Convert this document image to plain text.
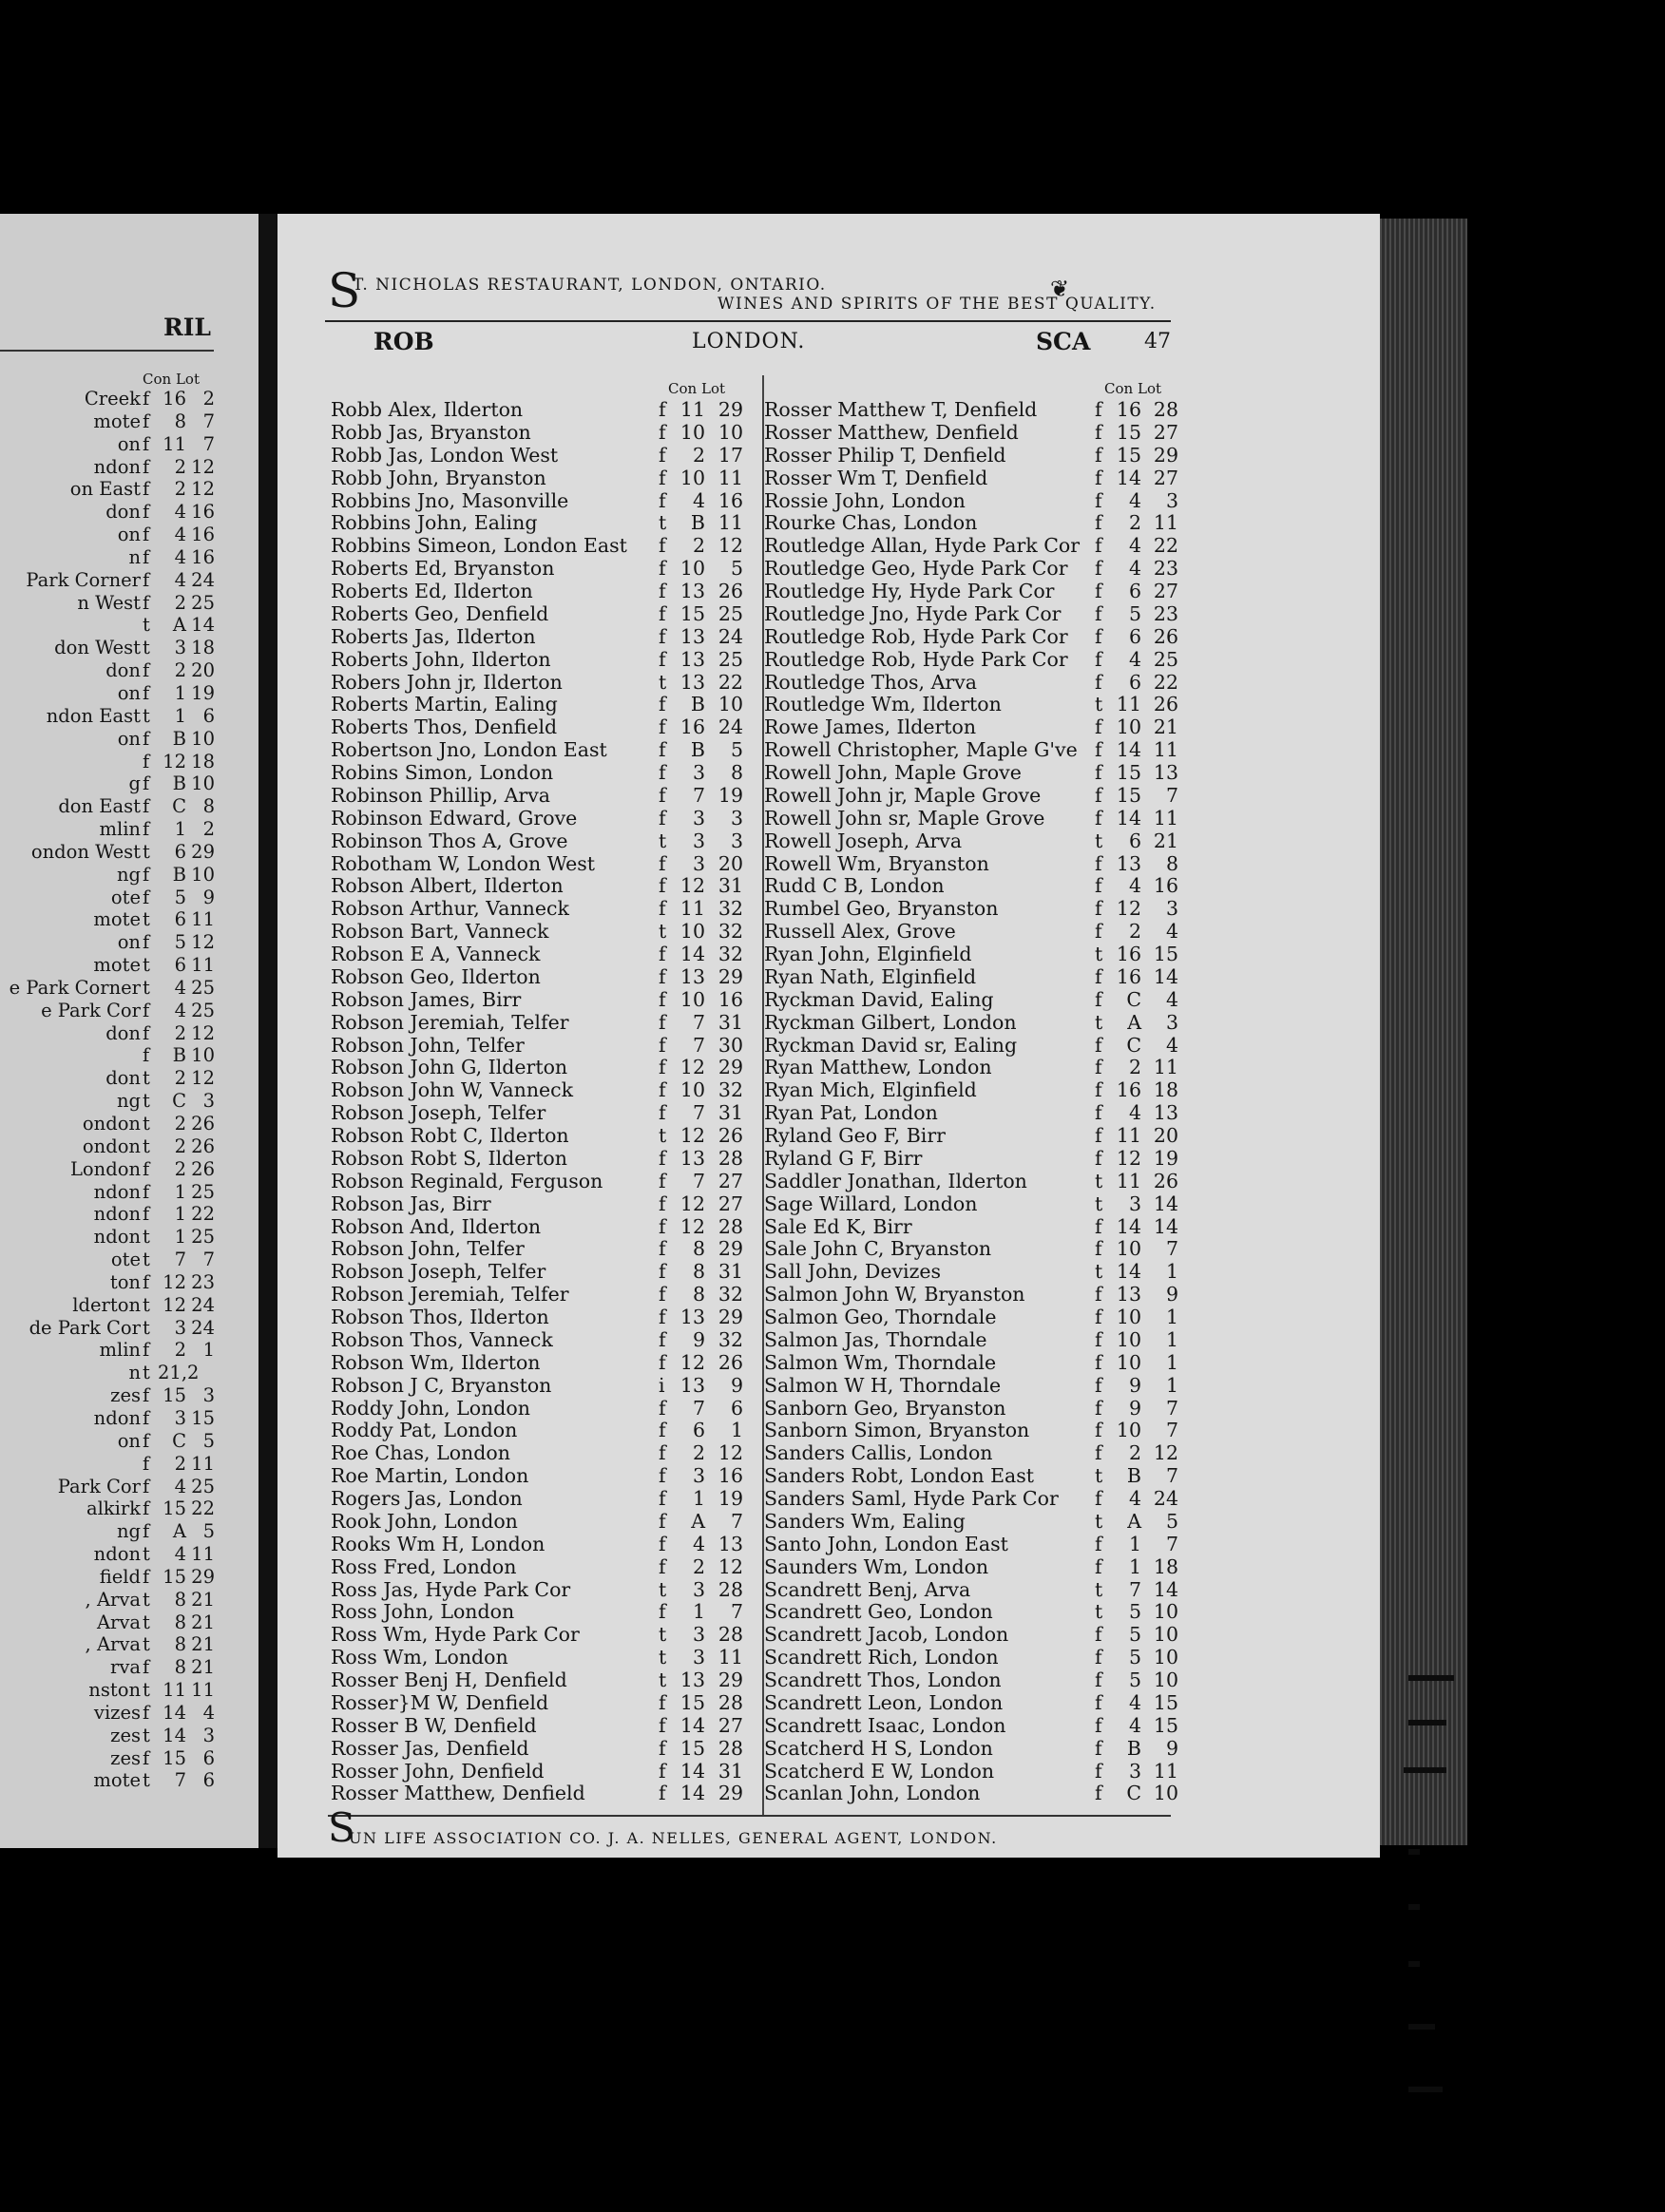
RIL
Con Lot
Creek f 16 2
mote f	8 7
on f 11 7
ndon f	2 12
on East f	2 12
don f	4 16
on f	4 16
n f	4 16
Park Corner f	4 24
n West f	2 25
t	A 14
don West t	3 18
don f	2 20
on f	1 19
ndon East t	1 6
on f	B 10
f 12 18
g f	B 10
don East f	C 8
mlin f	1 2
ondon West t	6 29
ng f	B 10
ote f	5 9
mote t	6 11
on f	5 12
mote t	6 11
e Park Corner t	4 25
e Park Cor f	4 25
don f	2 12
f	B 10
don t	2 12
ng t	C 3
ondon t	2 26
ondon t	2 26
London f	2 26
ndon f	1 25
ndon f	1 22
ndon t	1 25
ote t	7 7
ton f 12 23
lderton t 12 24
de Park Cor t	3 24
mlin f	2 1
n t 21,2
zes f 15 3
ndon f	3 15
on f	C 5
f	2 11
Park Cor f	4 25
alkirk f 15 22
ng f	A 5
ndon t	4 11
field f 15 29
, Arva t	8 21
Arva t	8 21
, Arva t	8 21
rva f	8 21
nston t 11 11
vizes f 14 4
zes t 14 3
zes f 15 6
mote t	7 6
S
T. NICHOLAS RESTAURANT, LONDON, ONTARIO.	❦
WINES AND SPIRITS OF THE BEST QUALITY.
ROB	LONDON.	SCA	47
Con Lot
Robb Alex, Ilderton	f 11 29
Robb Jas, Bryanston	f 10 10
Robb Jas, London West	f	2 17
Robb John, Bryanston	f 10 11
Robbins Jno, Masonville	f	4 16
Robbins John, Ealing	t	B 11
Robbins Simeon, London East f	2 12
Roberts Ed, Bryanston	f 10	5
Roberts Ed, Ilderton	f 13 26
Roberts Geo, Denfield	f 15 25
Roberts Jas, Ilderton	f 13 24
Roberts John, Ilderton	f 13 25
Robers John jr, Ilderton	t 13 22
Roberts Martin, Ealing	f	B 10
Roberts Thos, Denfield	f 16 24
Robertson Jno, London East	f	B	5
Robins Simon, London	f	3	8
Robinson Phillip, Arva	f	7 19
Robinson Edward, Grove	f	3	3
Robinson Thos A, Grove	t	3	3
Robotham W, London West	f	3 20
Robson Albert, Ilderton	f 12 31
Robson Arthur, Vanneck	f 11 32
Robson Bart, Vanneck	t 10 32
Robson E A, Vanneck	f 14 32
Robson Geo, Ilderton	f 13 29
Robson James, Birr	f 10 16
Robson Jeremiah, Telfer	f	7 31
Robson John, Telfer	f	7 30
Robson John G, Ilderton	f 12 29
Robson John W, Vanneck	f 10 32
Robson Joseph, Telfer	f	7 31
Robson Robt C, Ilderton	t 12 26
Robson Robt S, Ilderton	f 13 28
Robson Reginald, Ferguson	f	7 27
Robson Jas, Birr	f 12 27
Robson And, Ilderton	f 12 28
Robson John, Telfer	f	8 29
Robson Joseph, Telfer	f	8 31
Robson Jeremiah, Telfer	f	8 32
Robson Thos, Ilderton	f 13 29
Robson Thos, Vanneck	f	9 32
Robson Wm, Ilderton	f 12 26
Robson J C, Bryanston	i 13	9
Roddy John, London	f	7	6
Roddy Pat, London	f	6	1
Roe Chas, London	f	2 12
Roe Martin, London	f	3 16
Rogers Jas, London	f	1 19
Rook John, London	f	A	7
Rooks Wm H, London	f	4 13
Ross Fred, London	f	2 12
Ross Jas, Hyde Park Cor	t	3 28
Ross John, London	f	1	7
Ross Wm, Hyde Park Cor	t	3 28
Ross Wm, London	t	3 11
Rosser Benj H, Denfield	t 13 29
Rosser}M W, Denfield	f 15 28
Rosser B W, Denfield	f 14 27
Rosser Jas, Denfield	f 15 28
Rosser John, Denfield	f 14 31
Rosser Matthew, Denfield	f 14 29
Con Lot
Rosser Matthew T, Denfield	f 16 28
Rosser Matthew, Denfield	f 15 27
Rosser Philip T, Denfield	f 15 29
Rosser Wm T, Denfield	f 14 27
Rossie John, London	f	4	3
Rourke Chas, London	f	2 11
Routledge Allan, Hyde Park Cor f	4 22
Routledge Geo, Hyde Park Cor f	4 23
Routledge Hy, Hyde Park Cor f	6 27
Routledge Jno, Hyde Park Cor f	5 23
Routledge Rob, Hyde Park Cor f	6 26
Routledge Rob, Hyde Park Cor f	4 25
Routledge Thos, Arva	f	6 22
Routledge Wm, Ilderton	t 11 26
Rowe James, Ilderton	f 10 21
Rowell Christopher, Maple G've f 14 11
Rowell John, Maple Grove	f 15 13
Rowell John jr, Maple Grove	f 15	7
Rowell John sr, Maple Grove	f 14 11
Rowell Joseph, Arva	t	6 21
Rowell Wm, Bryanston	f 13	8
Rudd C B, London	f	4 16
Rumbel Geo, Bryanston	f 12	3
Russell Alex, Grove	f	2	4
Ryan John, Elginfield	t 16 15
Ryan Nath, Elginfield	f 16 14
Ryckman David, Ealing	f	C	4
Ryckman Gilbert, London	t	A	3
Ryckman David sr, Ealing	f	C	4
Ryan Matthew, London	f	2 11
Ryan Mich, Elginfield	f 16 18
Ryan Pat, London	f	4 13
Ryland Geo F, Birr	f 11 20
Ryland G F, Birr	f 12 19
Saddler Jonathan, Ilderton	t 11 26
Sage Willard, London	t	3 14
Sale Ed K, Birr	f 14 14
Sale John C, Bryanston	f 10	7
Sall John, Devizes	t 14	1
Salmon John W, Bryanston	f 13	9
Salmon Geo, Thorndale	f 10	1
Salmon Jas, Thorndale	f 10	1
Salmon Wm, Thorndale	f 10	1
Salmon W H, Thorndale	f	9	1
Sanborn Geo, Bryanston	f	9	7
Sanborn Simon, Bryanston	f 10	7
Sanders Callis, London	f	2 12
Sanders Robt, London East	t	B	7
Sanders Saml, Hyde Park Cor f	4 24
Sanders Wm, Ealing	t	A	5
Santo John, London East	f	1	7
Saunders Wm, London	f	1 18
Scandrett Benj, Arva	t	7 14
Scandrett Geo, London	t	5 10
Scandrett Jacob, London	f	5 10
Scandrett Rich, London	f	5 10
Scandrett Thos, London	f	5 10
Scandrett Leon, London	f	4 15
Scandrett Isaac, London	f	4 15
Scatcherd H S, London	f	B	9
Scatcherd E W, London	f	3 11
Scanlan John, London	f	C 10
S
UN LIFE ASSOCIATION CO. J. A. NELLES, GENERAL AGENT, LONDON.
